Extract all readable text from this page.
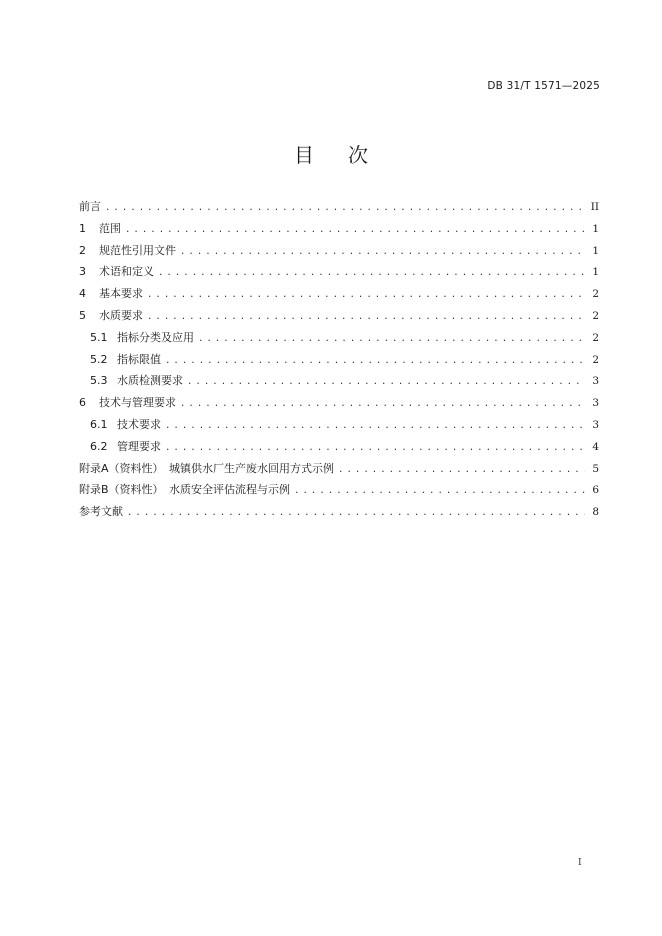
DB 31/T 1571—2025
目 次
前言 . . .	II
1	范围 . . .	1
2	规范性引用文件 . . .	1
3	术语和定义 . . .	1
4	基本要求 . . .	2
5	水质要求 . . .	2
5.1 指标分类及应用 . . .	2
5.2 指标限值 . . .	2
5.3 水质检测要求 . . .	3
6	技术与管理要求 . . .	3
6.1 技术要求 . . .	3
6.2 管理要求 . . .	4
附录A（资料性）　城镇供水厂生产废水回用方式示例 . . .	5
附录B（资料性）　水质安全评估流程与示例 . . .	6
参考文献 . . .	8
I
